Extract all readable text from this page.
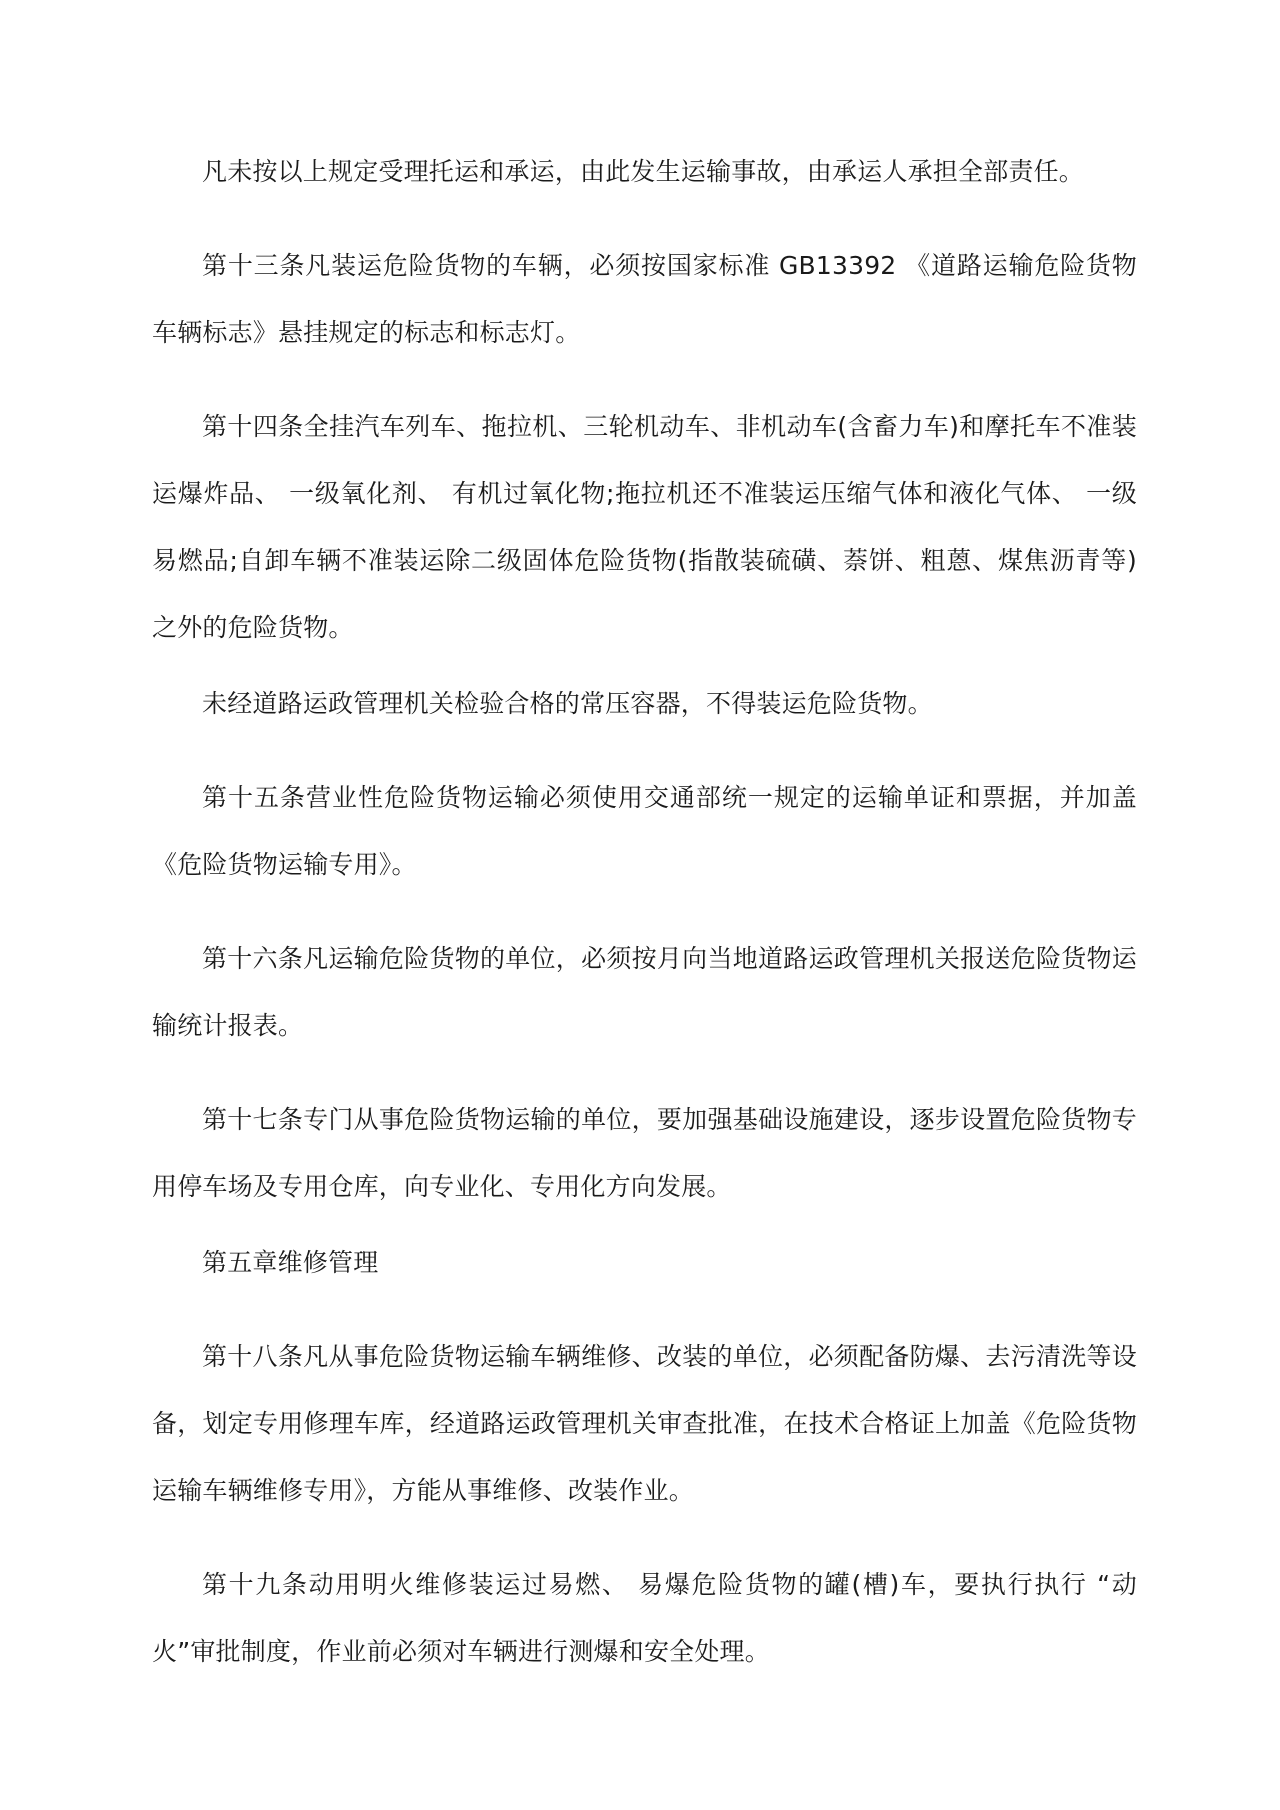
凡未按以上规定受理托运和承运，由此发生运输事故，由承运人承担全部责任。

第十三条凡装运危险货物的车辆，必须按国家标准 GB13392 《道路运输危险货物车辆标志》悬挂规定的标志和标志灯。

第十四条全挂汽车列车、拖拉机、三轮机动车、非机动车(含畜力车)和摩托车不准装运爆炸品、 一级氧化剂、 有机过氧化物;拖拉机还不准装运压缩气体和液化气体、 一级易燃品;自卸车辆不准装运除二级固体危险货物(指散装硫磺、萘饼、粗蒽、煤焦沥青等)之外的危险货物。

未经道路运政管理机关检验合格的常压容器，不得装运危险货物。

第十五条营业性危险货物运输必须使用交通部统一规定的运输单证和票据，并加盖《危险货物运输专用》。

第十六条凡运输危险货物的单位，必须按月向当地道路运政管理机关报送危险货物运输统计报表。

第十七条专门从事危险货物运输的单位，要加强基础设施建设，逐步设置危险货物专用停车场及专用仓库，向专业化、专用化方向发展。

第五章维修管理

第十八条凡从事危险货物运输车辆维修、改装的单位，必须配备防爆、去污清洗等设备，划定专用修理车库，经道路运政管理机关审查批准，在技术合格证上加盖《危险货物运输车辆维修专用》，方能从事维修、改装作业。

第十九条动用明火维修装运过易燃、 易爆危险货物的罐(槽)车，要执行执行 “动火”审批制度，作业前必须对车辆进行测爆和安全处理。
